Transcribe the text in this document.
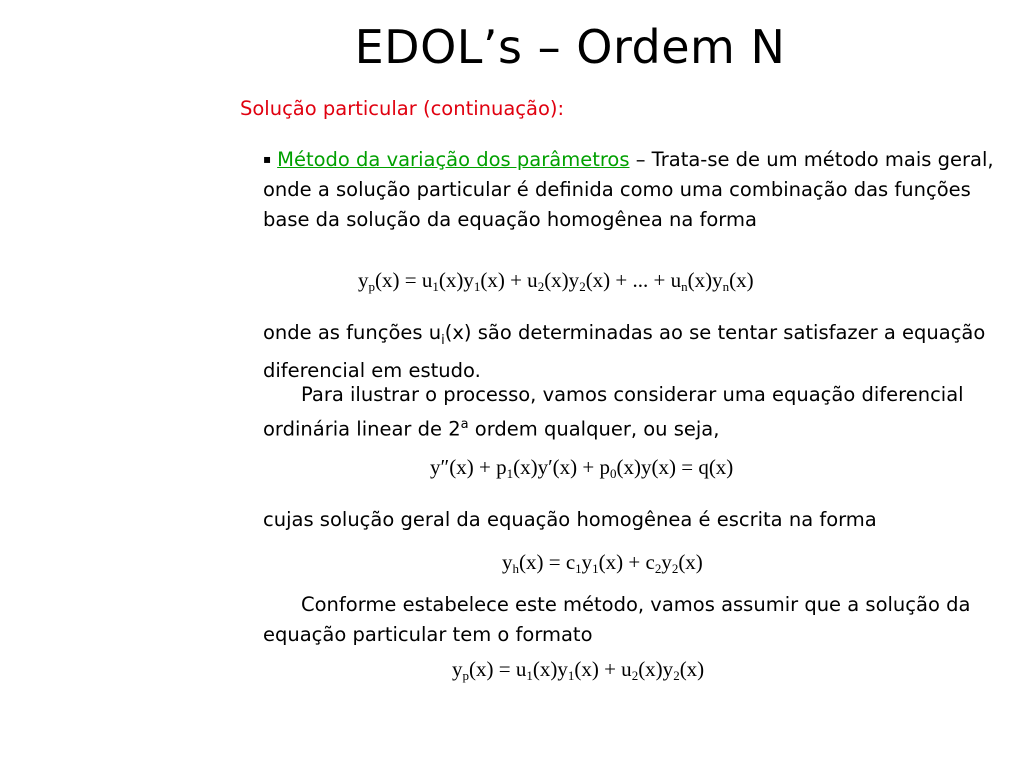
EDOL’s – Ordem N
Solução particular (continuação):
▪ Método da variação dos parâmetros – Trata-se de um método mais geral, onde a solução particular é definida como uma combinação das funções base da solução da equação homogênea na forma
$y_p(x) = u_1(x)y_1(x) + u_2(x)y_2(x)$ + ... + $u_n(x)y_n(x)$
onde as funções $u_i(x)$ são determinadas ao se tentar satisfazer a equação diferencial em estudo.
Para ilustrar o processo, vamos considerar uma equação diferencial ordinária linear de 2$^a$ ordem qualquer, ou seja,
$y''(x) + p_1(x)y'(x) + p_0(x)y(x) = q(x)$
cujas solução geral da equação homogênea é escrita na forma
$y_h(x) = c_1y_1(x) + c_2y_2(x)$
Conforme estabelece este método, vamos assumir que a solução da equação particular tem o formato
$y_p(x) = u_1(x)y_1(x) + u_2(x)y_2(x)$
